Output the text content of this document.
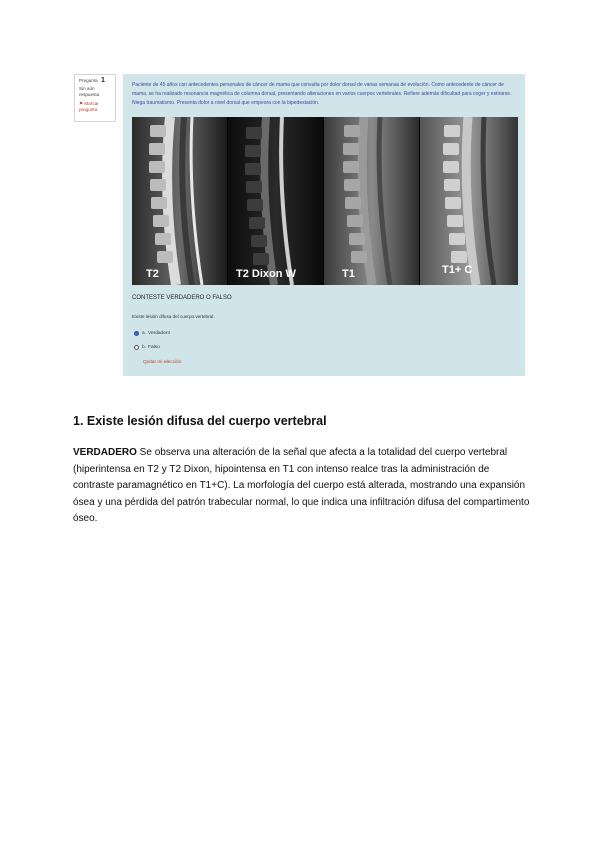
Pregunta 1
Sin aún
respuesta
⚑ Marcar
pregunta
Paciente de 45 años con antecedentes personales de cáncer de mama que consulta por dolor dorsal de varias semanas de evolución. Como antecedente de cáncer de mama, se ha realizado resonancia magnética de columna dorsal, presentando alteraciones en varios cuerpos vertebrales. Refiere además dificultad para coger y estirarse. Niega traumatismo. Presenta dolor a nivel dorsal que empeora con la bipedestación.
T2	T2 Dixon W	T1	T1+ C
CONTESTE VERDADERO O FALSO
Existe lesión difusa del cuerpo vertebral.
a. Verdadero
b. Falso
Quitar mi elección
1. Existe lesión difusa del cuerpo vertebral

VERDADERO Se observa una alteración de la señal que afecta a la totalidad del cuerpo vertebral (hiperintensa en T2 y T2 Dixon, hipointensa en T1 con intenso realce tras la administración de contraste paramagnético en T1+C). La morfología del cuerpo está alterada, mostrando una expansión ósea y una pérdida del patrón trabecular normal, lo que indica una infiltración difusa del compartimento óseo.
